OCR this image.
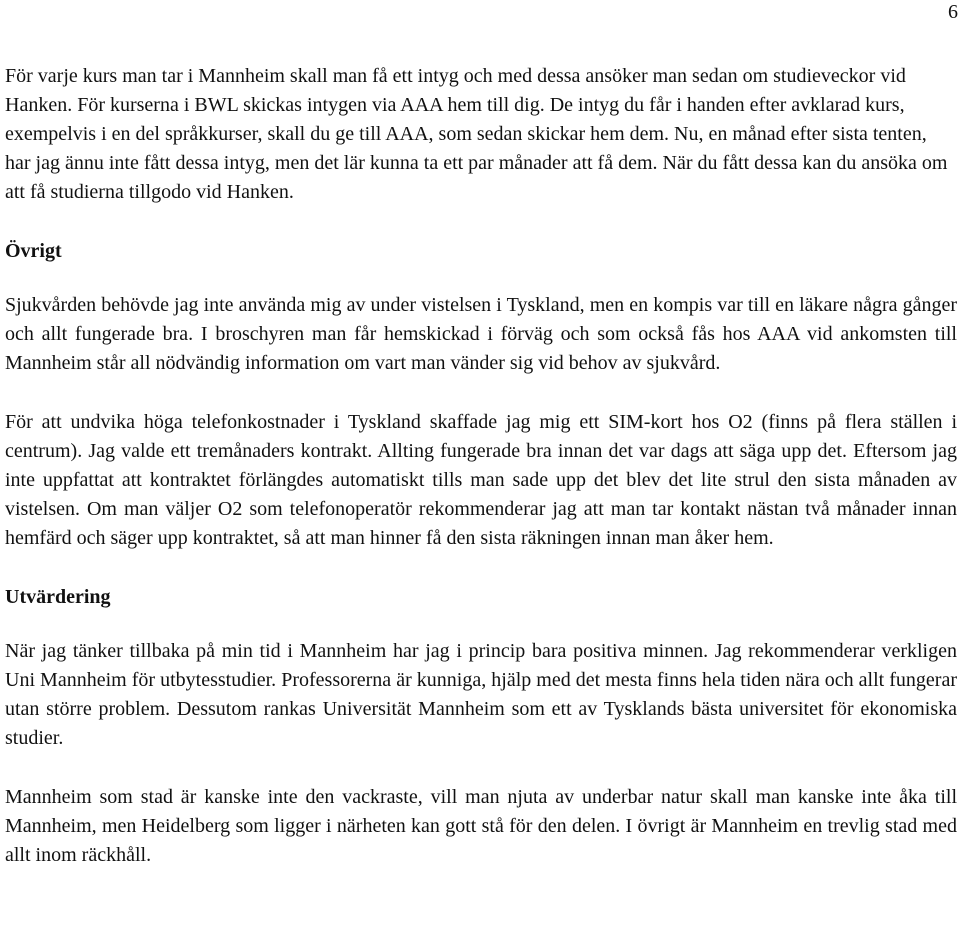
6

För varje kurs man tar i Mannheim skall man få ett intyg och med dessa ansöker man sedan om studieveckor vid Hanken. För kurserna i BWL skickas intygen via AAA hem till dig. De intyg du får i handen efter avklarad kurs, exempelvis i en del språkkurser, skall du ge till AAA, som sedan skickar hem dem. Nu, en månad efter sista tenten, har jag ännu inte fått dessa intyg, men det lär kunna ta ett par månader att få dem. När du fått dessa kan du ansöka om att få studierna tillgodo vid Hanken.

Övrigt

Sjukvården behövde jag inte använda mig av under vistelsen i Tyskland, men en kompis var till en läkare några gånger och allt fungerade bra. I broschyren man får hemskickad i förväg och som också fås hos AAA vid ankomsten till Mannheim står all nödvändig information om vart man vänder sig vid behov av sjukvård.

För att undvika höga telefonkostnader i Tyskland skaffade jag mig ett SIM-kort hos O2 (finns på flera ställen i centrum). Jag valde ett tremånaders kontrakt. Allting fungerade bra innan det var dags att säga upp det. Eftersom jag inte uppfattat att kontraktet förlängdes automatiskt tills man sade upp det blev det lite strul den sista månaden av vistelsen. Om man väljer O2 som telefonoperatör rekommenderar jag att man tar kontakt nästan två månader innan hemfärd och säger upp kontraktet, så att man hinner få den sista räkningen innan man åker hem.

Utvärdering

När jag tänker tillbaka på min tid i Mannheim har jag i princip bara positiva minnen. Jag rekommenderar verkligen Uni Mannheim för utbytesstudier. Professorerna är kunniga, hjälp med det mesta finns hela tiden nära och allt fungerar utan större problem. Dessutom rankas Universität Mannheim som ett av Tysklands bästa universitet för ekonomiska studier.

Mannheim som stad är kanske inte den vackraste, vill man njuta av underbar natur skall man kanske inte åka till Mannheim, men Heidelberg som ligger i närheten kan gott stå för den delen. I övrigt är Mannheim en trevlig stad med allt inom räckhåll.
